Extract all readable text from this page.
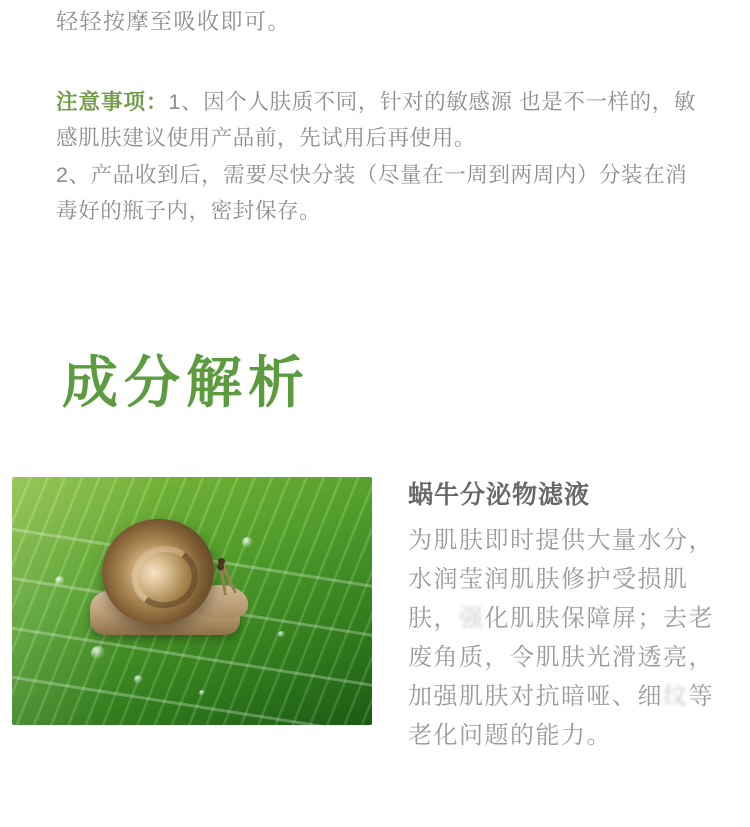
轻轻按摩至吸收即可。

注意事项：1、因个人肤质不同，针对的敏感源 也是不一样的，敏感肌肤建议使用产品前，先试用后再使用。

2、产品收到后，需要尽快分装（尽量在一周到两周内）分装在消毒好的瓶子内，密封保存。

成分解析
蜗牛分泌物滤液
为肌肤即时提供大量水分，水润莹润肌肤修护受损肌肤，强化肌肤保障屏；去老废角质，令肌肤光滑透亮，加强肌肤对抗暗哑、细纹等老化问题的能力。
